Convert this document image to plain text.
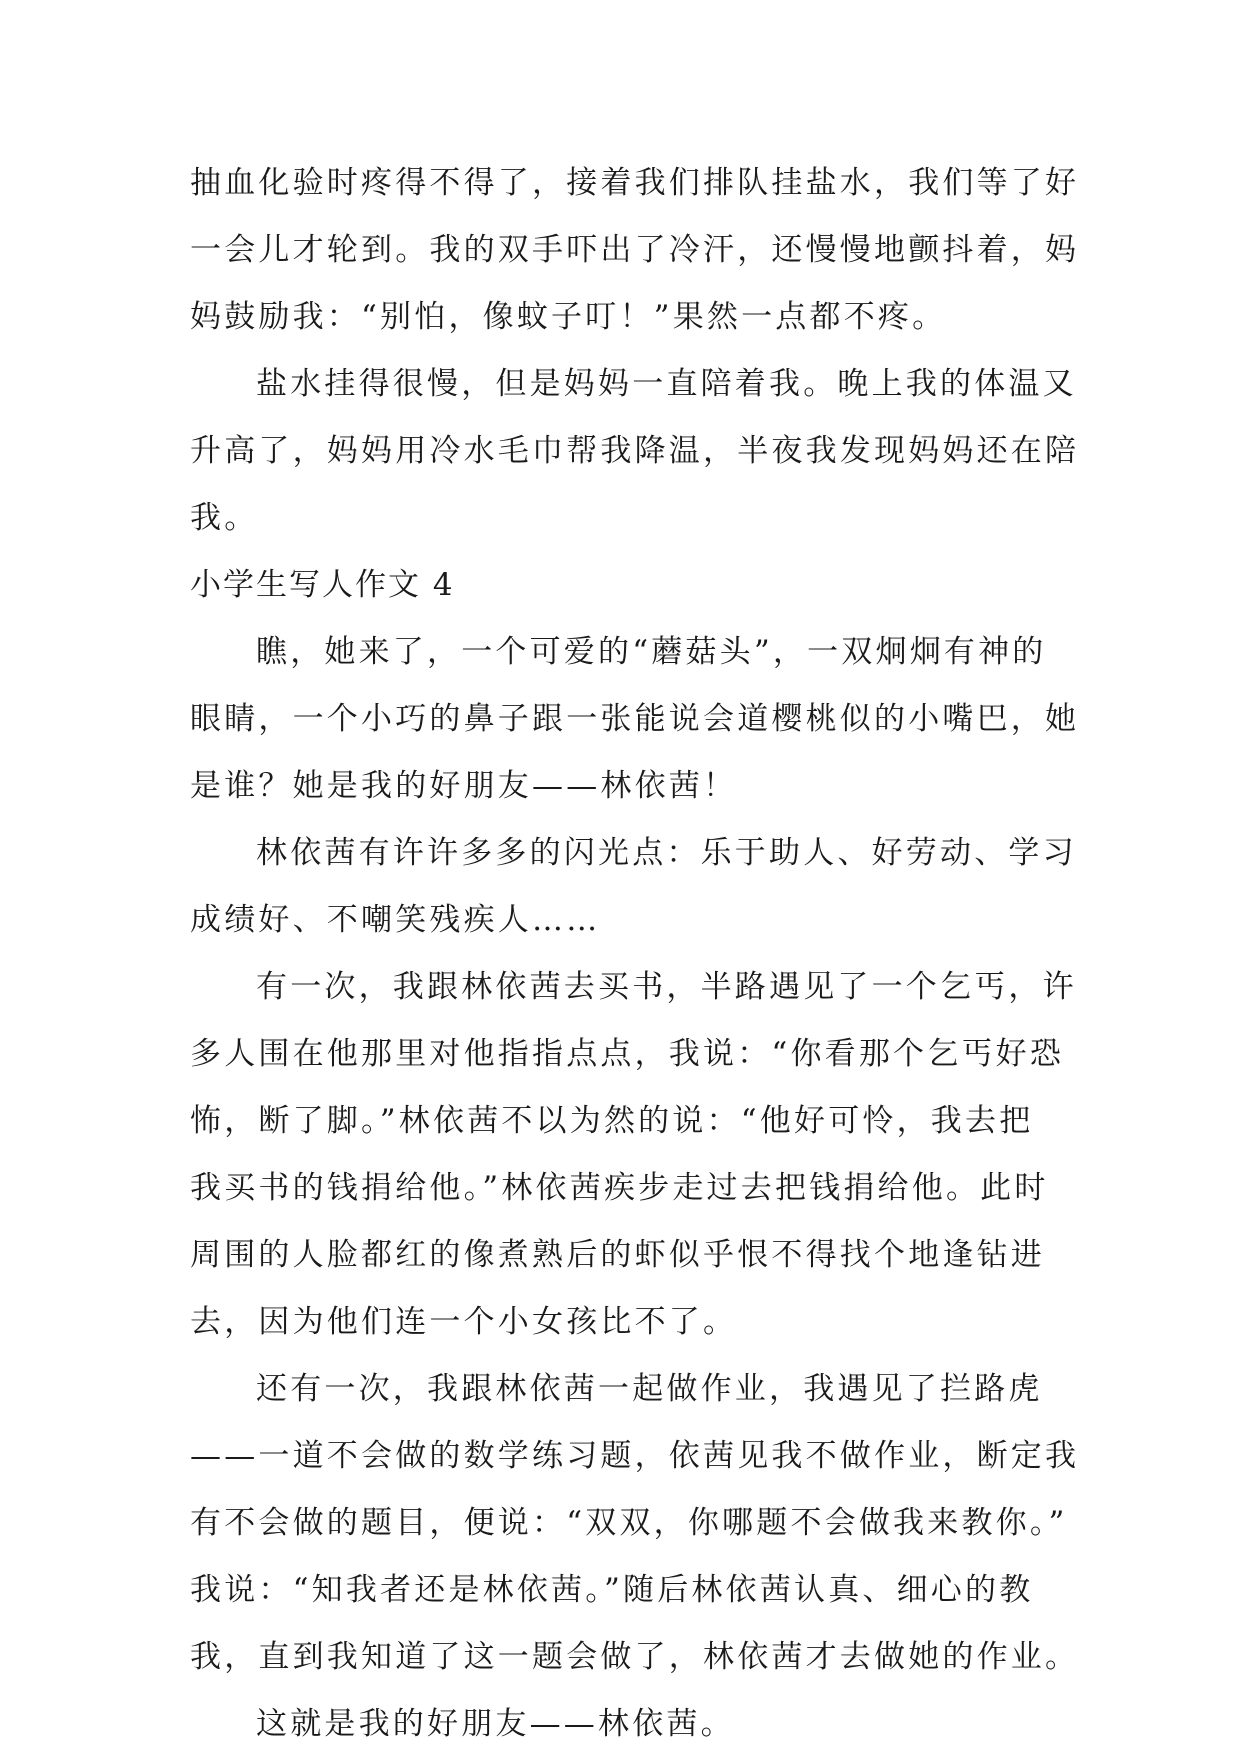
抽血化验时疼得不得了，接着我们排队挂盐水，我们等了好
一会儿才轮到。我的双手吓出了冷汗，还慢慢地颤抖着，妈
妈鼓励我：“别怕，像蚊子叮！”果然一点都不疼。
盐水挂得很慢，但是妈妈一直陪着我。晚上我的体温又
升高了，妈妈用冷水毛巾帮我降温，半夜我发现妈妈还在陪
我。
小学生写人作文 4
瞧，她来了，一个可爱的“蘑菇头”，一双炯炯有神的
眼睛，一个小巧的鼻子跟一张能说会道樱桃似的小嘴巴，她
是谁？她是我的好朋友——林依茜！
林依茜有许许多多的闪光点：乐于助人、好劳动、学习
成绩好、不嘲笑残疾人……
有一次，我跟林依茜去买书，半路遇见了一个乞丐，许
多人围在他那里对他指指点点，我说：“你看那个乞丐好恐
怖，断了脚。”林依茜不以为然的说：“他好可怜，我去把
我买书的钱捐给他。”林依茜疾步走过去把钱捐给他。此时
周围的人脸都红的像煮熟后的虾似乎恨不得找个地逢钻进
去，因为他们连一个小女孩比不了。
还有一次，我跟林依茜一起做作业，我遇见了拦路虎
——一道不会做的数学练习题，依茜见我不做作业，断定我
有不会做的题目，便说：“双双，你哪题不会做我来教你。”
我说：“知我者还是林依茜。”随后林依茜认真、细心的教
我，直到我知道了这一题会做了，林依茜才去做她的作业。
这就是我的好朋友——林依茜。
